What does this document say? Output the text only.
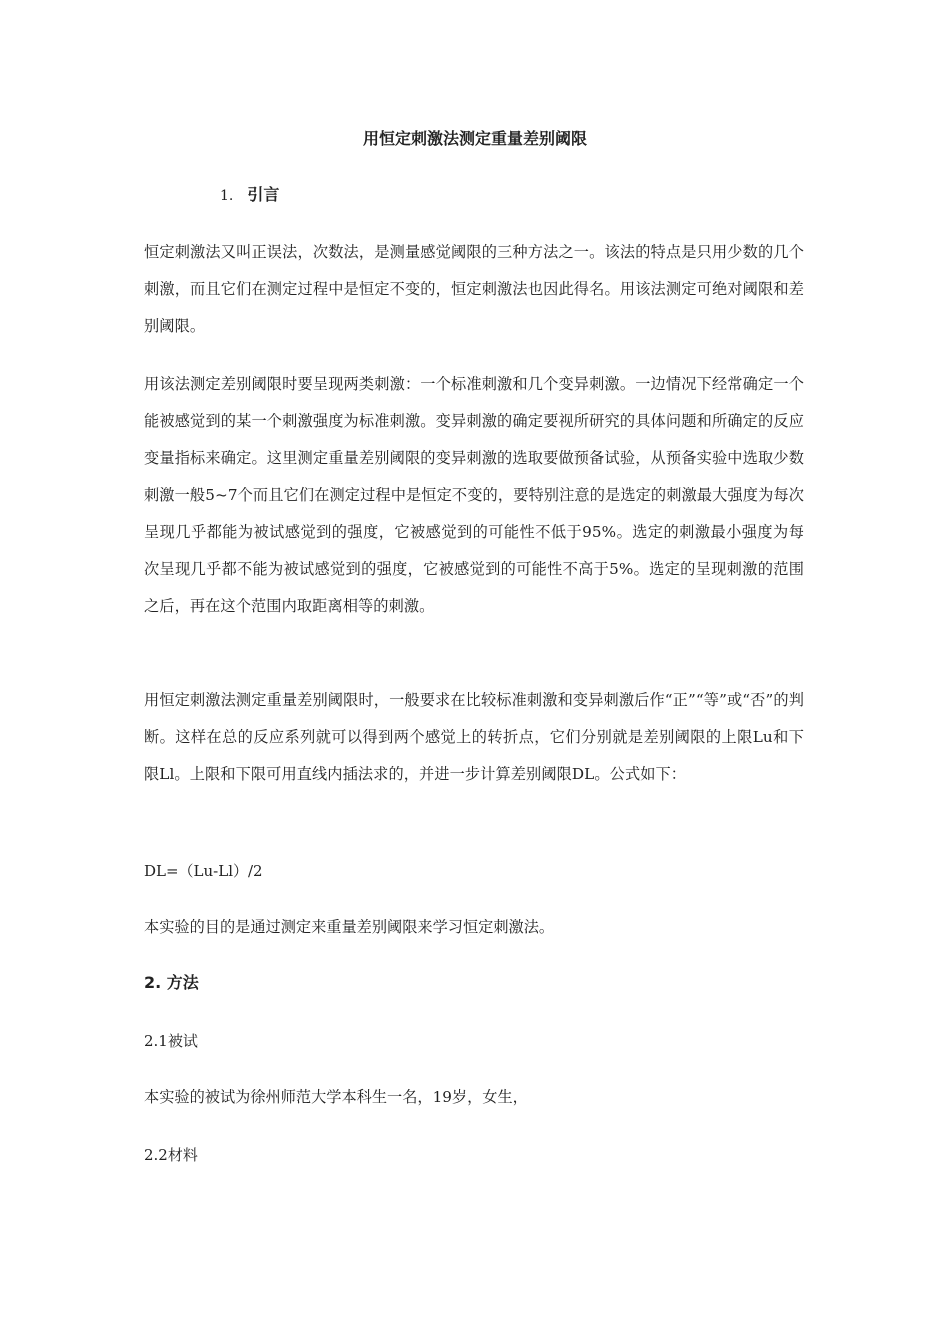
用恒定刺激法测定重量差别阈限
1. 引言

恒定刺激法又叫正误法，次数法，是测量感觉阈限的三种方法之一。该法的特点是只用少数的几个刺激，而且它们在测定过程中是恒定不变的，恒定刺激法也因此得名。用该法测定可绝对阈限和差别阈限。

用该法测定差别阈限时要呈现两类刺激：一个标准刺激和几个变异刺激。一边情况下经常确定一个能被感觉到的某一个刺激强度为标准刺激。变异刺激的确定要视所研究的具体问题和所确定的反应变量指标来确定。这里测定重量差别阈限的变异刺激的选取要做预备试验，从预备实验中选取少数刺激一般5~7个而且它们在测定过程中是恒定不变的，要特别注意的是选定的刺激最大强度为每次呈现几乎都能为被试感觉到的强度，它被感觉到的可能性不低于95%。选定的刺激最小强度为每次呈现几乎都不能为被试感觉到的强度，它被感觉到的可能性不高于5%。选定的呈现刺激的范围之后，再在这个范围内取距离相等的刺激。

用恒定刺激法测定重量差别阈限时，一般要求在比较标准刺激和变异刺激后作“正”“等”或“否”的判断。这样在总的反应系列就可以得到两个感觉上的转折点，它们分别就是差别阈限的上限Lu和下限Ll。上限和下限可用直线内插法求的，并进一步计算差别阈限DL。公式如下：

DL=（Lu-Ll）/2

本实验的目的是通过测定来重量差别阈限来学习恒定刺激法。

2. 方法

2.1被试

本实验的被试为徐州师范大学本科生一名，19岁，女生，

2.2材料
